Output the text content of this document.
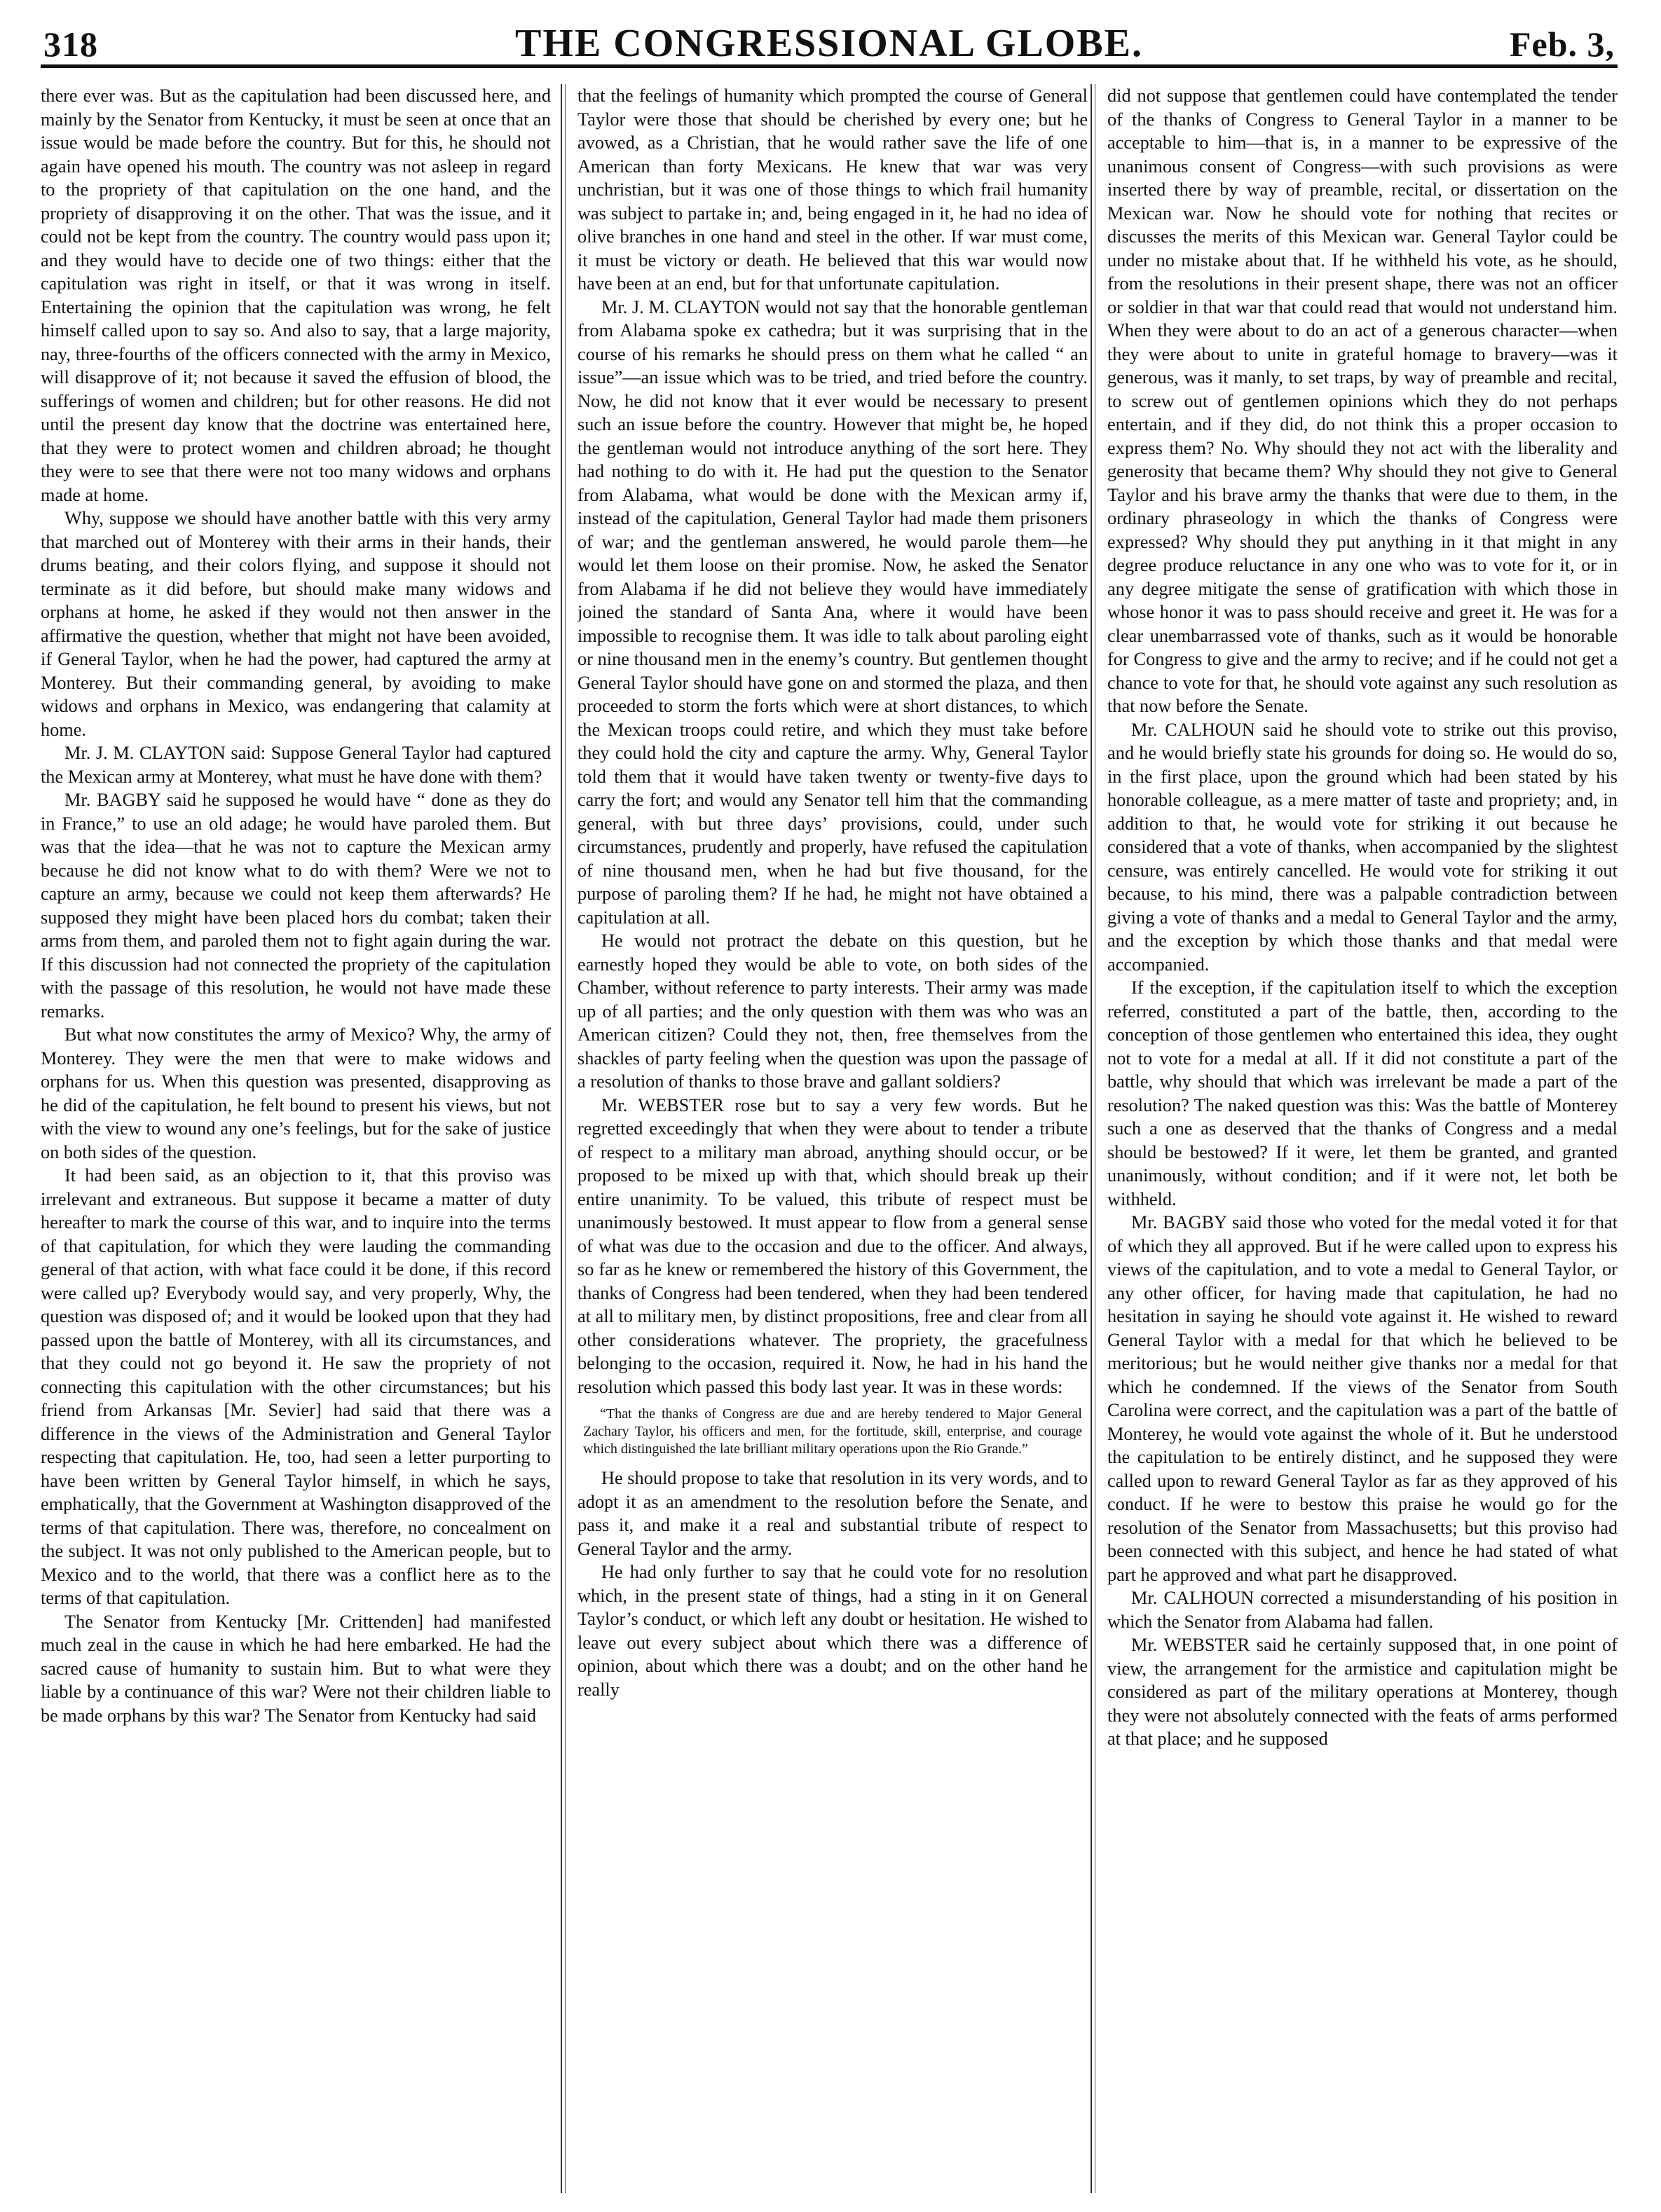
318	THE CONGRESSIONAL GLOBE.	Feb. 3,

there ever was. But as the capitulation had been discussed here, and mainly by the Senator from Kentucky, it must be seen at once that an issue would be made before the country. But for this, he should not again have opened his mouth. The country was not asleep in regard to the propriety of that capitulation on the one hand, and the propriety of disapproving it on the other. That was the issue, and it could not be kept from the country. The country would pass upon it; and they would have to decide one of two things: either that the capitulation was right in itself, or that it was wrong in itself. Entertaining the opinion that the capitulation was wrong, he felt himself called upon to say so. And also to say, that a large majority, nay, three-fourths of the officers connected with the army in Mexico, will disapprove of it; not because it saved the effusion of blood, the sufferings of women and children; but for other reasons. He did not until the present day know that the doctrine was entertained here, that they were to protect women and children abroad; he thought they were to see that there were not too many widows and orphans made at home.

Why, suppose we should have another battle with this very army that marched out of Monterey with their arms in their hands, their drums beating, and their colors flying, and suppose it should not terminate as it did before, but should make many widows and orphans at home, he asked if they would not then answer in the affirmative the question, whether that might not have been avoided, if General Taylor, when he had the power, had captured the army at Monterey. But their commanding general, by avoiding to make widows and orphans in Mexico, was endangering that calamity at home.

Mr. J. M. CLAYTON said: Suppose General Taylor had captured the Mexican army at Monterey, what must he have done with them?

Mr. BAGBY said he supposed he would have “ done as they do in France,” to use an old adage; he would have paroled them. But was that the idea—that he was not to capture the Mexican army because he did not know what to do with them? Were we not to capture an army, because we could not keep them afterwards? He supposed they might have been placed hors du combat; taken their arms from them, and paroled them not to fight again during the war. If this discussion had not connected the propriety of the capitulation with the passage of this resolution, he would not have made these remarks.

But what now constitutes the army of Mexico? Why, the army of Monterey. They were the men that were to make widows and orphans for us. When this question was presented, disapproving as he did of the capitulation, he felt bound to present his views, but not with the view to wound any one’s feelings, but for the sake of justice on both sides of the question.

It had been said, as an objection to it, that this proviso was irrelevant and extraneous. But suppose it became a matter of duty hereafter to mark the course of this war, and to inquire into the terms of that capitulation, for which they were lauding the commanding general of that action, with what face could it be done, if this record were called up? Everybody would say, and very properly, Why, the question was disposed of; and it would be looked upon that they had passed upon the battle of Monterey, with all its circumstances, and that they could not go beyond it. He saw the propriety of not connecting this capitulation with the other circumstances; but his friend from Arkansas [Mr. Sevier] had said that there was a difference in the views of the Administration and General Taylor respecting that capitulation. He, too, had seen a letter purporting to have been written by General Taylor himself, in which he says, emphatically, that the Government at Washington disapproved of the terms of that capitulation. There was, therefore, no concealment on the subject. It was not only published to the American people, but to Mexico and to the world, that there was a conflict here as to the terms of that capitulation.

The Senator from Kentucky [Mr. Crittenden] had manifested much zeal in the cause in which he had here embarked. He had the sacred cause of humanity to sustain him. But to what were they liable by a continuance of this war? Were not their children liable to be made orphans by this war? The Senator from Kentucky had said

that the feelings of humanity which prompted the course of General Taylor were those that should be cherished by every one; but he avowed, as a Christian, that he would rather save the life of one American than forty Mexicans. He knew that war was very unchristian, but it was one of those things to which frail humanity was subject to partake in; and, being engaged in it, he had no idea of olive branches in one hand and steel in the other. If war must come, it must be victory or death. He believed that this war would now have been at an end, but for that unfortunate capitulation.

Mr. J. M. CLAYTON would not say that the honorable gentleman from Alabama spoke ex cathedra; but it was surprising that in the course of his remarks he should press on them what he called “ an issue”—an issue which was to be tried, and tried before the country. Now, he did not know that it ever would be necessary to present such an issue before the country. However that might be, he hoped the gentleman would not introduce anything of the sort here. They had nothing to do with it. He had put the question to the Senator from Alabama, what would be done with the Mexican army if, instead of the capitulation, General Taylor had made them prisoners of war; and the gentleman answered, he would parole them—he would let them loose on their promise. Now, he asked the Senator from Alabama if he did not believe they would have immediately joined the standard of Santa Ana, where it would have been impossible to recognise them. It was idle to talk about paroling eight or nine thousand men in the enemy’s country. But gentlemen thought General Taylor should have gone on and stormed the plaza, and then proceeded to storm the forts which were at short distances, to which the Mexican troops could retire, and which they must take before they could hold the city and capture the army. Why, General Taylor told them that it would have taken twenty or twenty-five days to carry the fort; and would any Senator tell him that the commanding general, with but three days’ provisions, could, under such circumstances, prudently and properly, have refused the capitulation of nine thousand men, when he had but five thousand, for the purpose of paroling them? If he had, he might not have obtained a capitulation at all.

He would not protract the debate on this question, but he earnestly hoped they would be able to vote, on both sides of the Chamber, without reference to party interests. Their army was made up of all parties; and the only question with them was who was an American citizen? Could they not, then, free themselves from the shackles of party feeling when the question was upon the passage of a resolution of thanks to those brave and gallant soldiers?

Mr. WEBSTER rose but to say a very few words. But he regretted exceedingly that when they were about to tender a tribute of respect to a military man abroad, anything should occur, or be proposed to be mixed up with that, which should break up their entire unanimity. To be valued, this tribute of respect must be unanimously bestowed. It must appear to flow from a general sense of what was due to the occasion and due to the officer. And always, so far as he knew or remembered the history of this Government, the thanks of Congress had been tendered, when they had been tendered at all to military men, by distinct propositions, free and clear from all other considerations whatever. The propriety, the gracefulness belonging to the occasion, required it. Now, he had in his hand the resolution which passed this body last year. It was in these words:

“That the thanks of Congress are due and are hereby tendered to Major General Zachary Taylor, his officers and men, for the fortitude, skill, enterprise, and courage which distinguished the late brilliant military operations upon the Rio Grande.”

He should propose to take that resolution in its very words, and to adopt it as an amendment to the resolution before the Senate, and pass it, and make it a real and substantial tribute of respect to General Taylor and the army.

He had only further to say that he could vote for no resolution which, in the present state of things, had a sting in it on General Taylor’s conduct, or which left any doubt or hesitation. He wished to leave out every subject about which there was a difference of opinion, about which there was a doubt; and on the other hand he really

did not suppose that gentlemen could have contemplated the tender of the thanks of Congress to General Taylor in a manner to be acceptable to him—that is, in a manner to be expressive of the unanimous consent of Congress—with such provisions as were inserted there by way of preamble, recital, or dissertation on the Mexican war. Now he should vote for nothing that recites or discusses the merits of this Mexican war. General Taylor could be under no mistake about that. If he withheld his vote, as he should, from the resolutions in their present shape, there was not an officer or soldier in that war that could read that would not understand him. When they were about to do an act of a generous character—when they were about to unite in grateful homage to bravery—was it generous, was it manly, to set traps, by way of preamble and recital, to screw out of gentlemen opinions which they do not perhaps entertain, and if they did, do not think this a proper occasion to express them? No. Why should they not act with the liberality and generosity that became them? Why should they not give to General Taylor and his brave army the thanks that were due to them, in the ordinary phraseology in which the thanks of Congress were expressed? Why should they put anything in it that might in any degree produce reluctance in any one who was to vote for it, or in any degree mitigate the sense of gratification with which those in whose honor it was to pass should receive and greet it. He was for a clear unembarrassed vote of thanks, such as it would be honorable for Congress to give and the army to recive; and if he could not get a chance to vote for that, he should vote against any such resolution as that now before the Senate.

Mr. CALHOUN said he should vote to strike out this proviso, and he would briefly state his grounds for doing so. He would do so, in the first place, upon the ground which had been stated by his honorable colleague, as a mere matter of taste and propriety; and, in addition to that, he would vote for striking it out because he considered that a vote of thanks, when accompanied by the slightest censure, was entirely cancelled. He would vote for striking it out because, to his mind, there was a palpable contradiction between giving a vote of thanks and a medal to General Taylor and the army, and the exception by which those thanks and that medal were accompanied.

If the exception, if the capitulation itself to which the exception referred, constituted a part of the battle, then, according to the conception of those gentlemen who entertained this idea, they ought not to vote for a medal at all. If it did not constitute a part of the battle, why should that which was irrelevant be made a part of the resolution? The naked question was this: Was the battle of Monterey such a one as deserved that the thanks of Congress and a medal should be bestowed? If it were, let them be granted, and granted unanimously, without condition; and if it were not, let both be withheld.

Mr. BAGBY said those who voted for the medal voted it for that of which they all approved. But if he were called upon to express his views of the capitulation, and to vote a medal to General Taylor, or any other officer, for having made that capitulation, he had no hesitation in saying he should vote against it. He wished to reward General Taylor with a medal for that which he believed to be meritorious; but he would neither give thanks nor a medal for that which he condemned. If the views of the Senator from South Carolina were correct, and the capitulation was a part of the battle of Monterey, he would vote against the whole of it. But he understood the capitulation to be entirely distinct, and he supposed they were called upon to reward General Taylor as far as they approved of his conduct. If he were to bestow this praise he would go for the resolution of the Senator from Massachusetts; but this proviso had been connected with this subject, and hence he had stated of what part he approved and what part he disapproved.

Mr. CALHOUN corrected a misunderstanding of his position in which the Senator from Alabama had fallen.

Mr. WEBSTER said he certainly supposed that, in one point of view, the arrangement for the armistice and capitulation might be considered as part of the military operations at Monterey, though they were not absolutely connected with the feats of arms performed at that place; and he supposed
